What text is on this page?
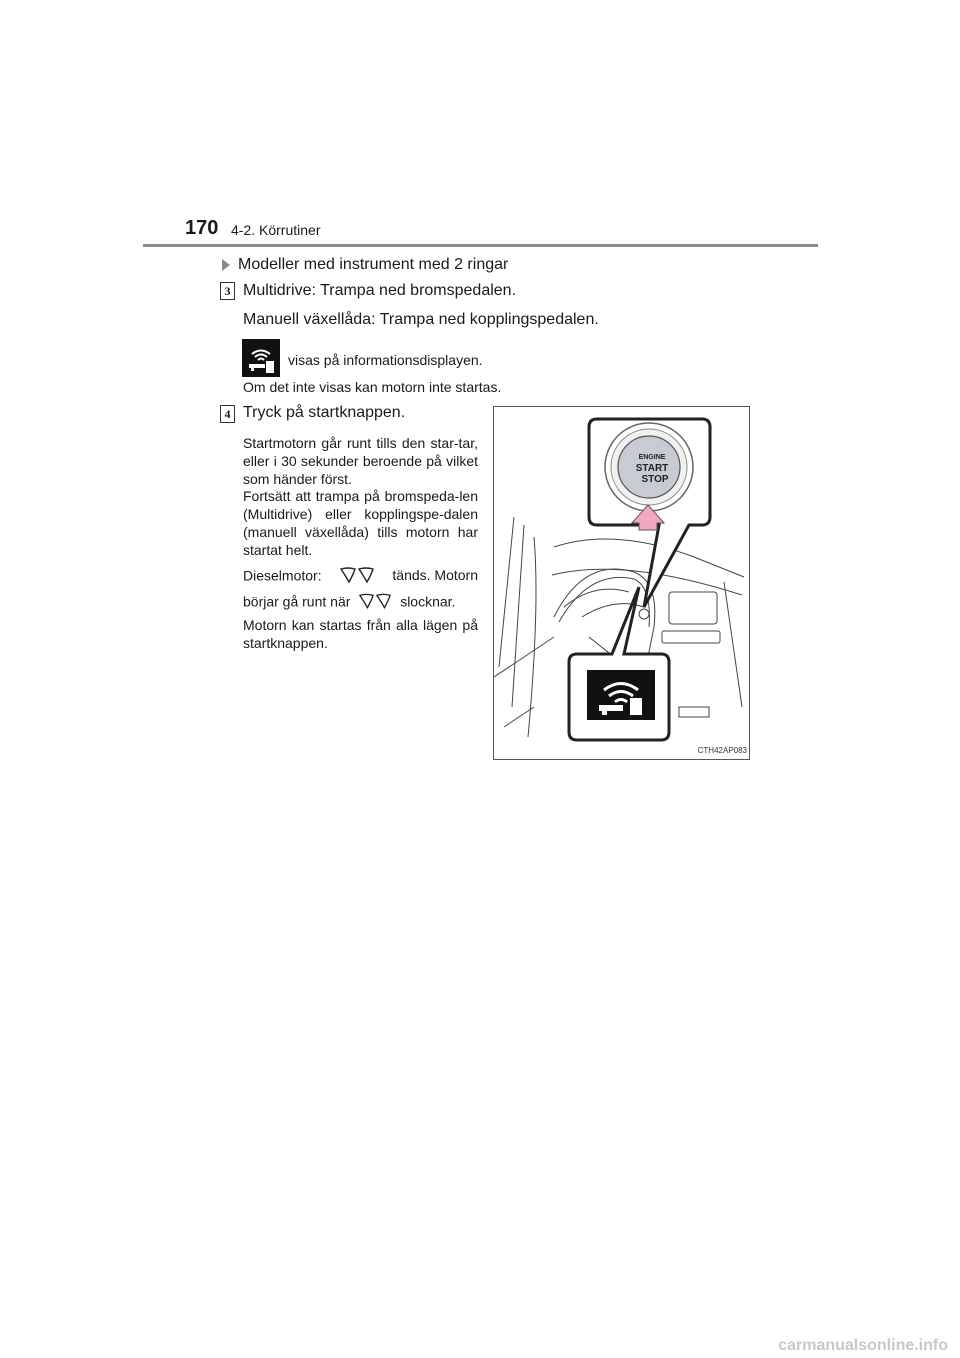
170 4-2. Körrutiner
Modeller med instrument med 2 ringar
3 Multidrive: Trampa ned bromspedalen.
Manuell växellåda: Trampa ned kopplingspedalen.
visas på informationsdisplayen.
Om det inte visas kan motorn inte startas.
4 Tryck på startknappen.
Startmotorn går runt tills den star-tar, eller i 30 sekunder beroende på vilket som händer först.
Fortsätt att trampa på bromspeda-len (Multidrive) eller kopplingspe-dalen (manuell växellåda) tills motorn har startat helt.
Dieselmotor:	tänds. Motorn
börjar gå runt när	slocknar.
Motorn kan startas från alla lägen på startknappen.
ENGINE
START
STOP
CTH42AP083
carmanualsonline.info
